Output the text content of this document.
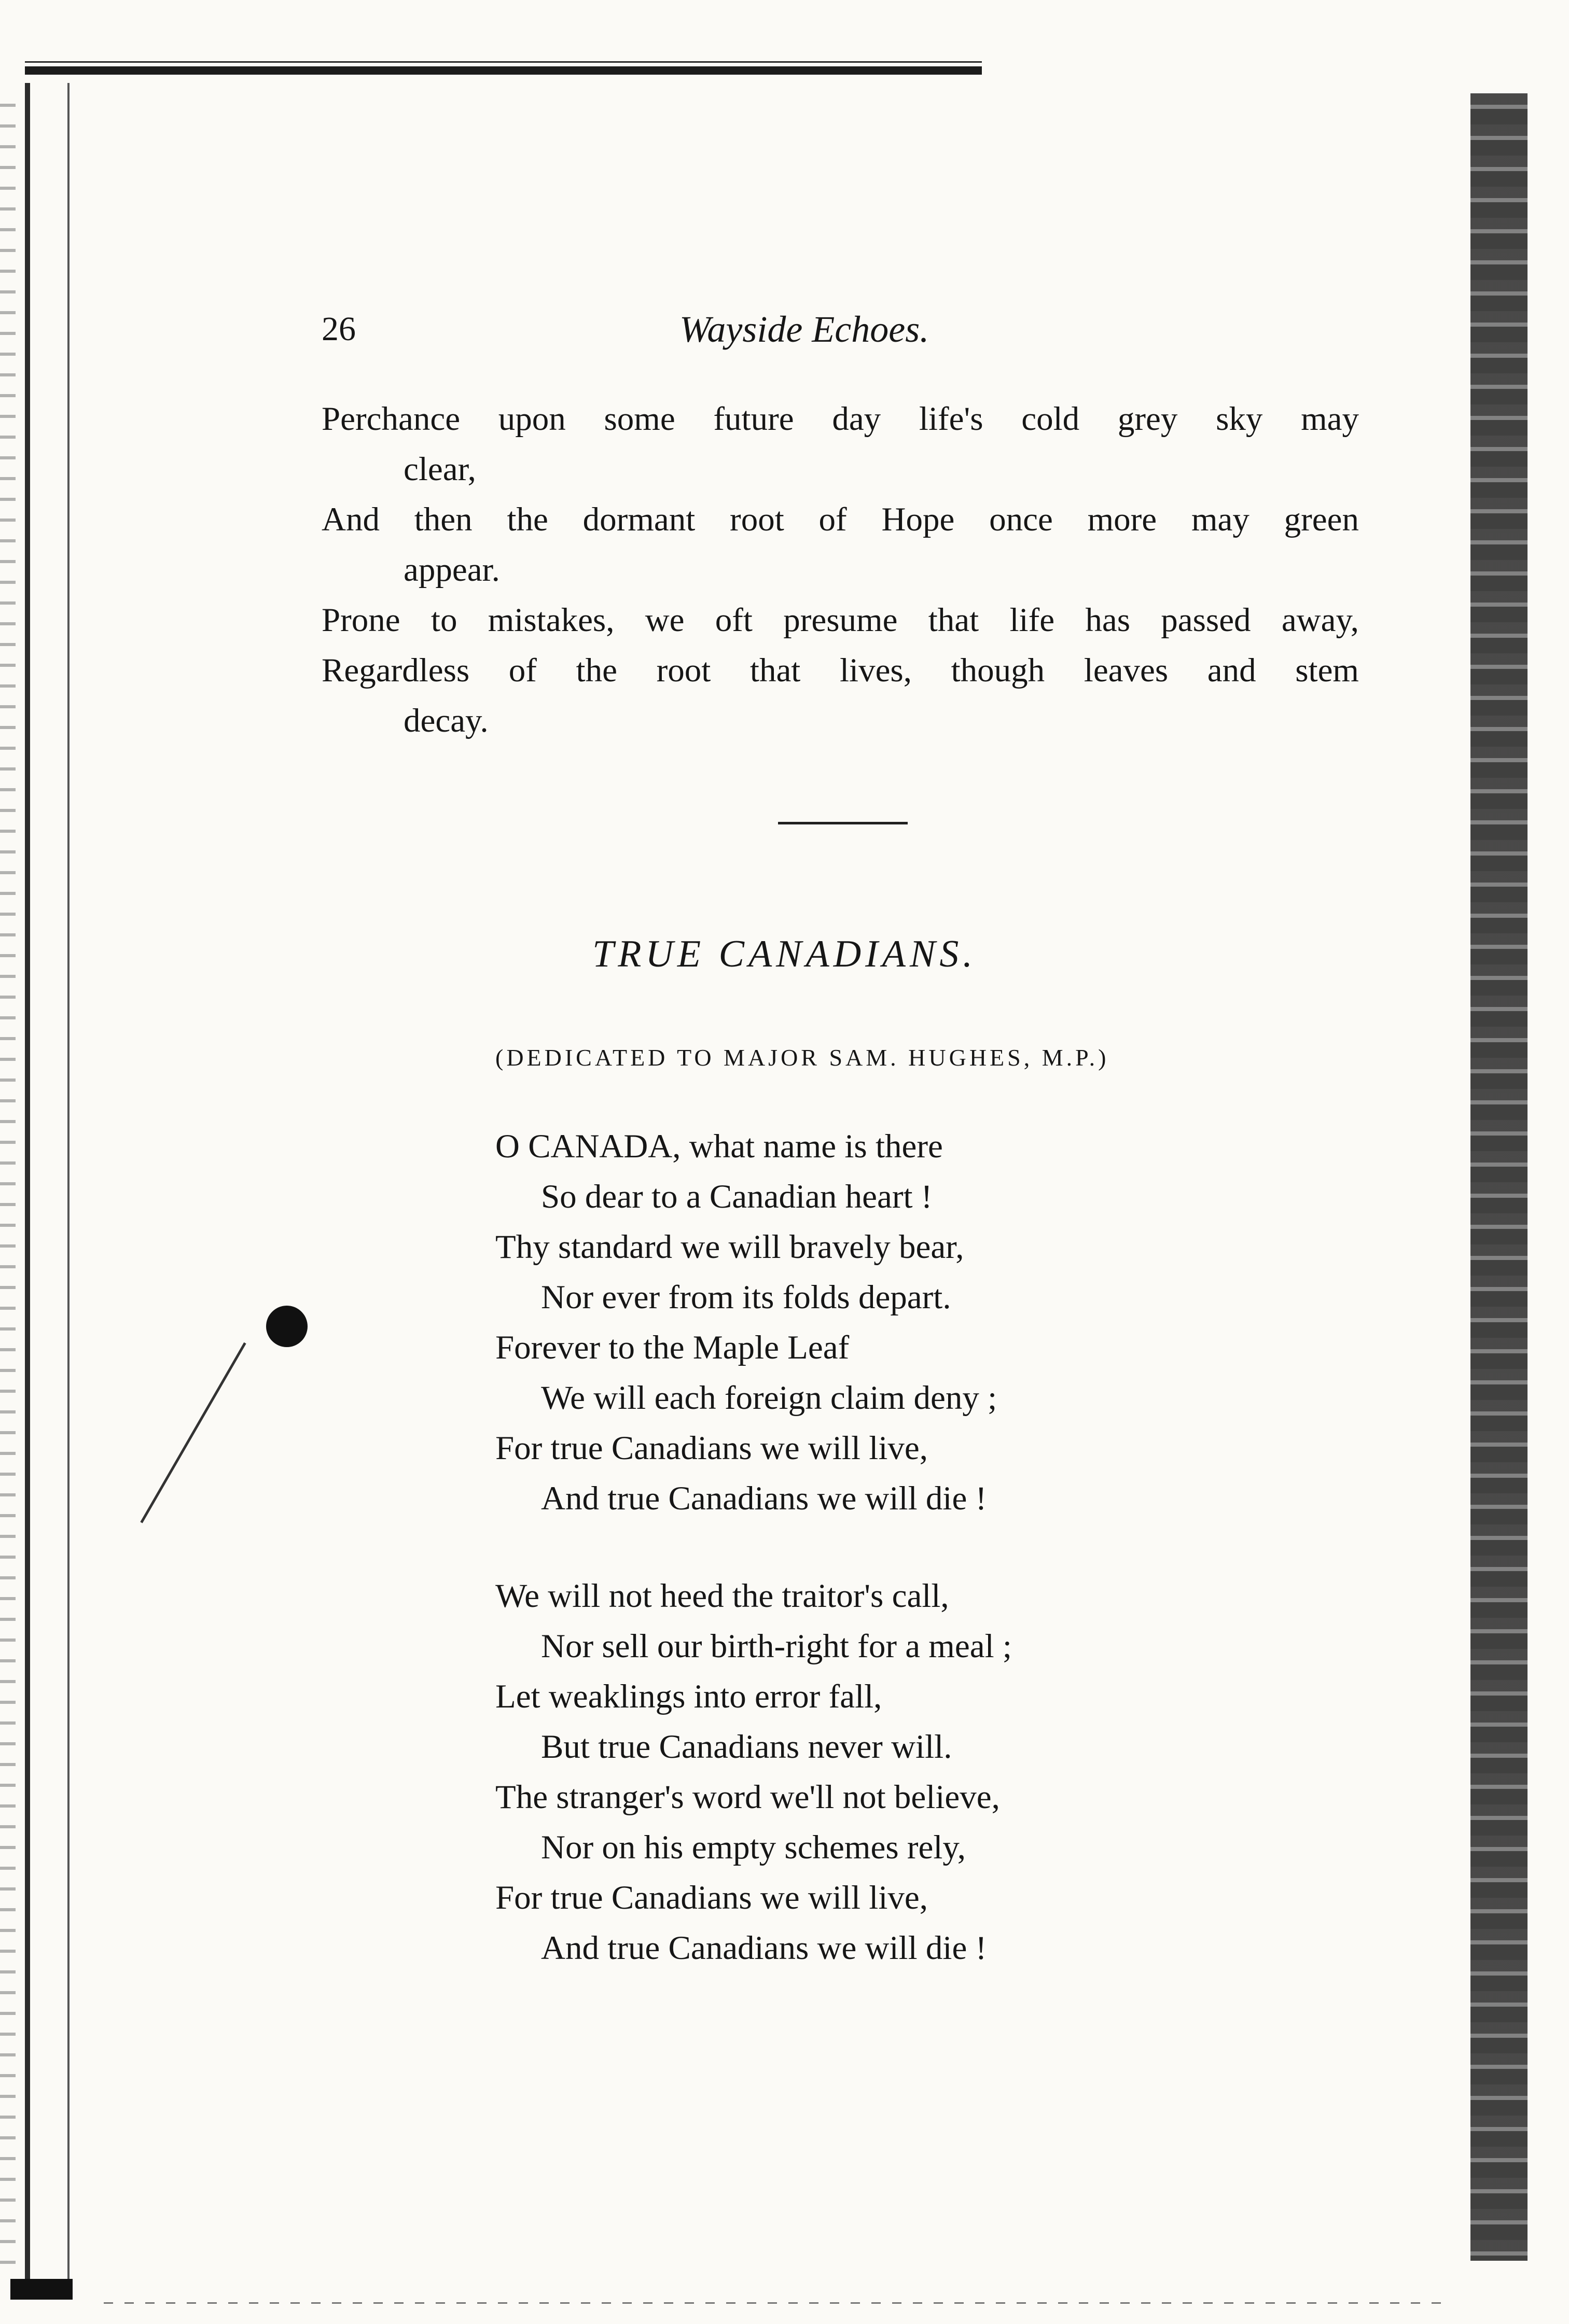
26	Wayside Echoes.
Perchance upon some future day life's cold grey sky may
clear,
And then the dormant root of Hope once more may green
appear.
Prone to mistakes, we oft presume that life has passed away,
Regardless of the root that lives, though leaves and stem
decay.
TRUE CANADIANS.
(DEDICATED TO MAJOR SAM. HUGHES, M.P.)
O CANADA, what name is there
So dear to a Canadian heart !
Thy standard we will bravely bear,
Nor ever from its folds depart.
Forever to the Maple Leaf
We will each foreign claim deny ;
For true Canadians we will live,
And true Canadians we will die !
We will not heed the traitor's call,
Nor sell our birth-right for a meal ;
Let weaklings into error fall,
But true Canadians never will.
The stranger's word we'll not believe,
Nor on his empty schemes rely,
For true Canadians we will live,
And true Canadians we will die !
